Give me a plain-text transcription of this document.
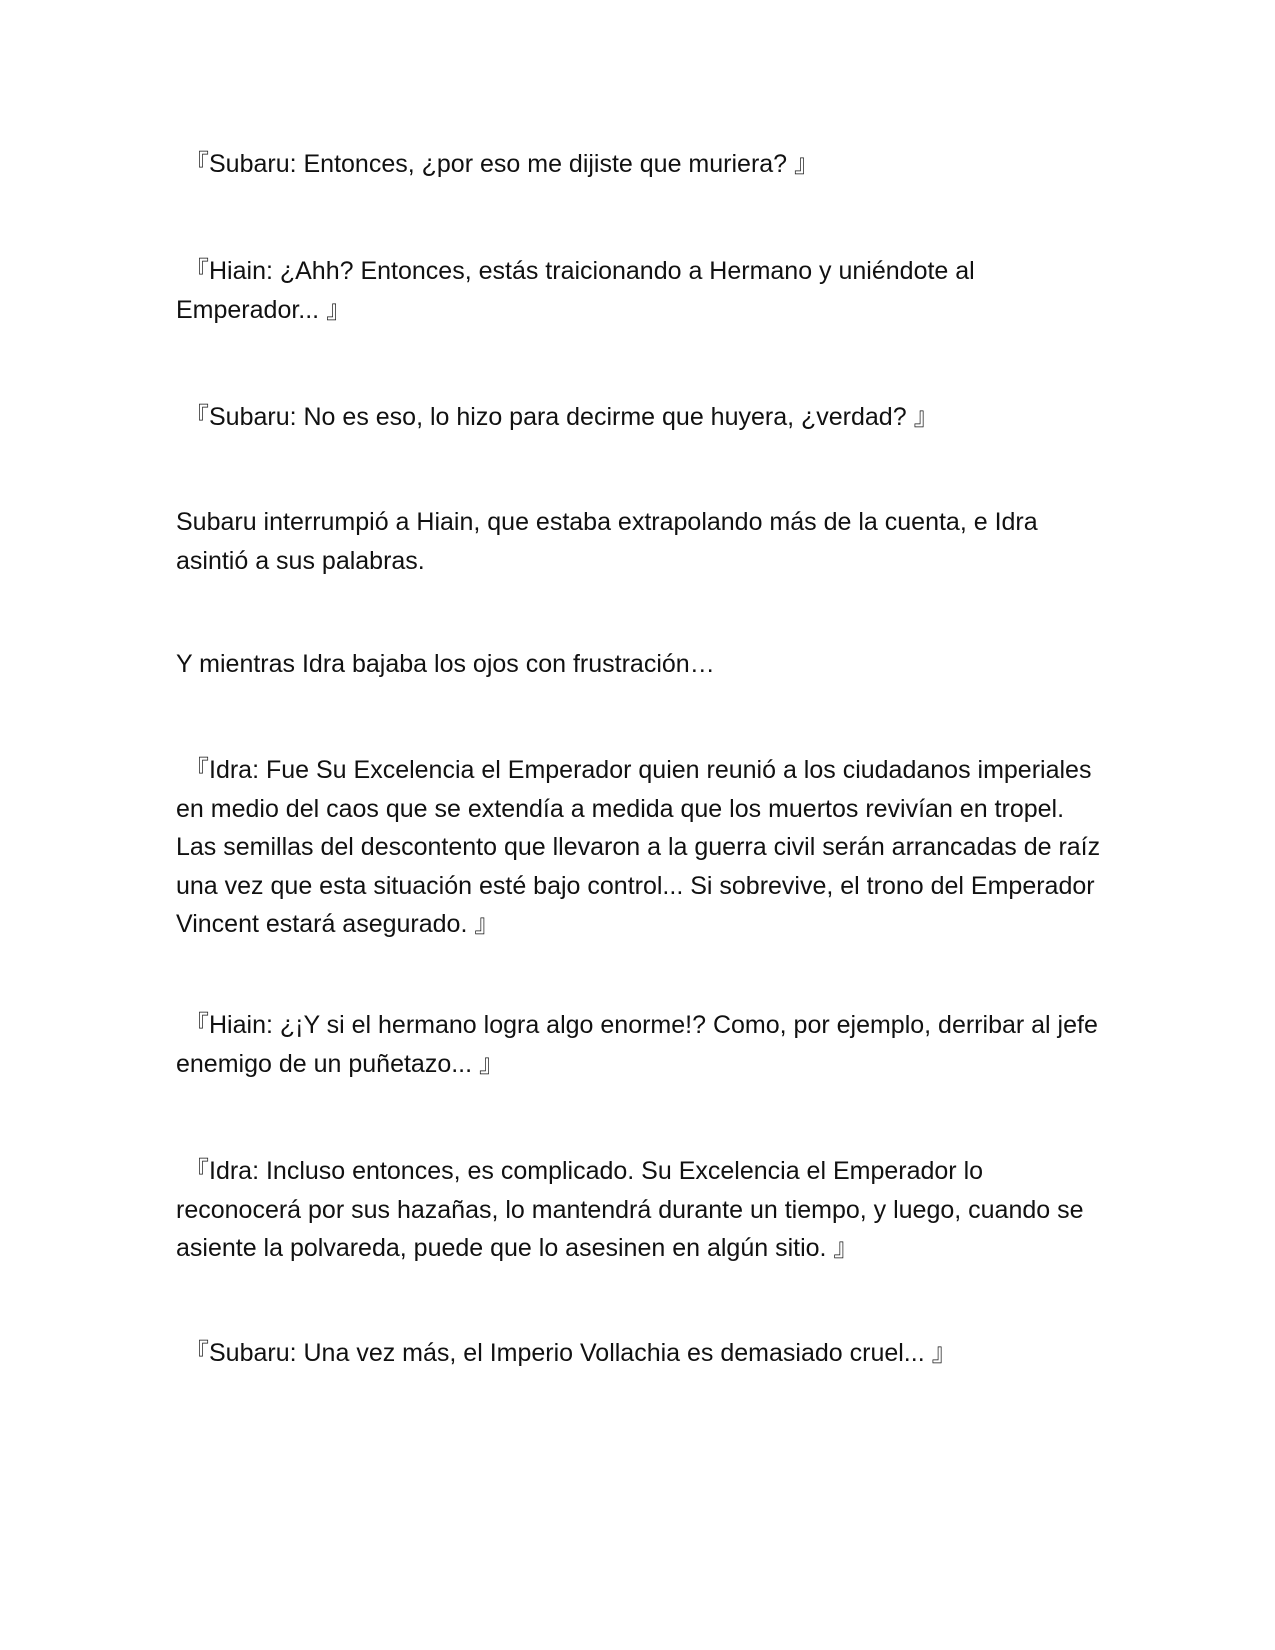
『Subaru: Entonces, ¿por eso me dijiste que muriera? 』

『Hiain: ¿Ahh? Entonces, estás traicionando a Hermano y uniéndote al Emperador... 』

『Subaru: No es eso, lo hizo para decirme que huyera, ¿verdad? 』

Subaru interrumpió a Hiain, que estaba extrapolando más de la cuenta, e Idra asintió a sus palabras.

Y mientras Idra bajaba los ojos con frustración…

『Idra: Fue Su Excelencia el Emperador quien reunió a los ciudadanos imperiales en medio del caos que se extendía a medida que los muertos revivían en tropel. Las semillas del descontento que llevaron a la guerra civil serán arrancadas de raíz una vez que esta situación esté bajo control... Si sobrevive, el trono del Emperador Vincent estará asegurado. 』

『Hiain: ¿¡Y si el hermano logra algo enorme!? Como, por ejemplo, derribar al jefe enemigo de un puñetazo... 』

『Idra: Incluso entonces, es complicado. Su Excelencia el Emperador lo reconocerá por sus hazañas, lo mantendrá durante un tiempo, y luego, cuando se asiente la polvareda, puede que lo asesinen en algún sitio. 』

『Subaru: Una vez más, el Imperio Vollachia es demasiado cruel... 』
